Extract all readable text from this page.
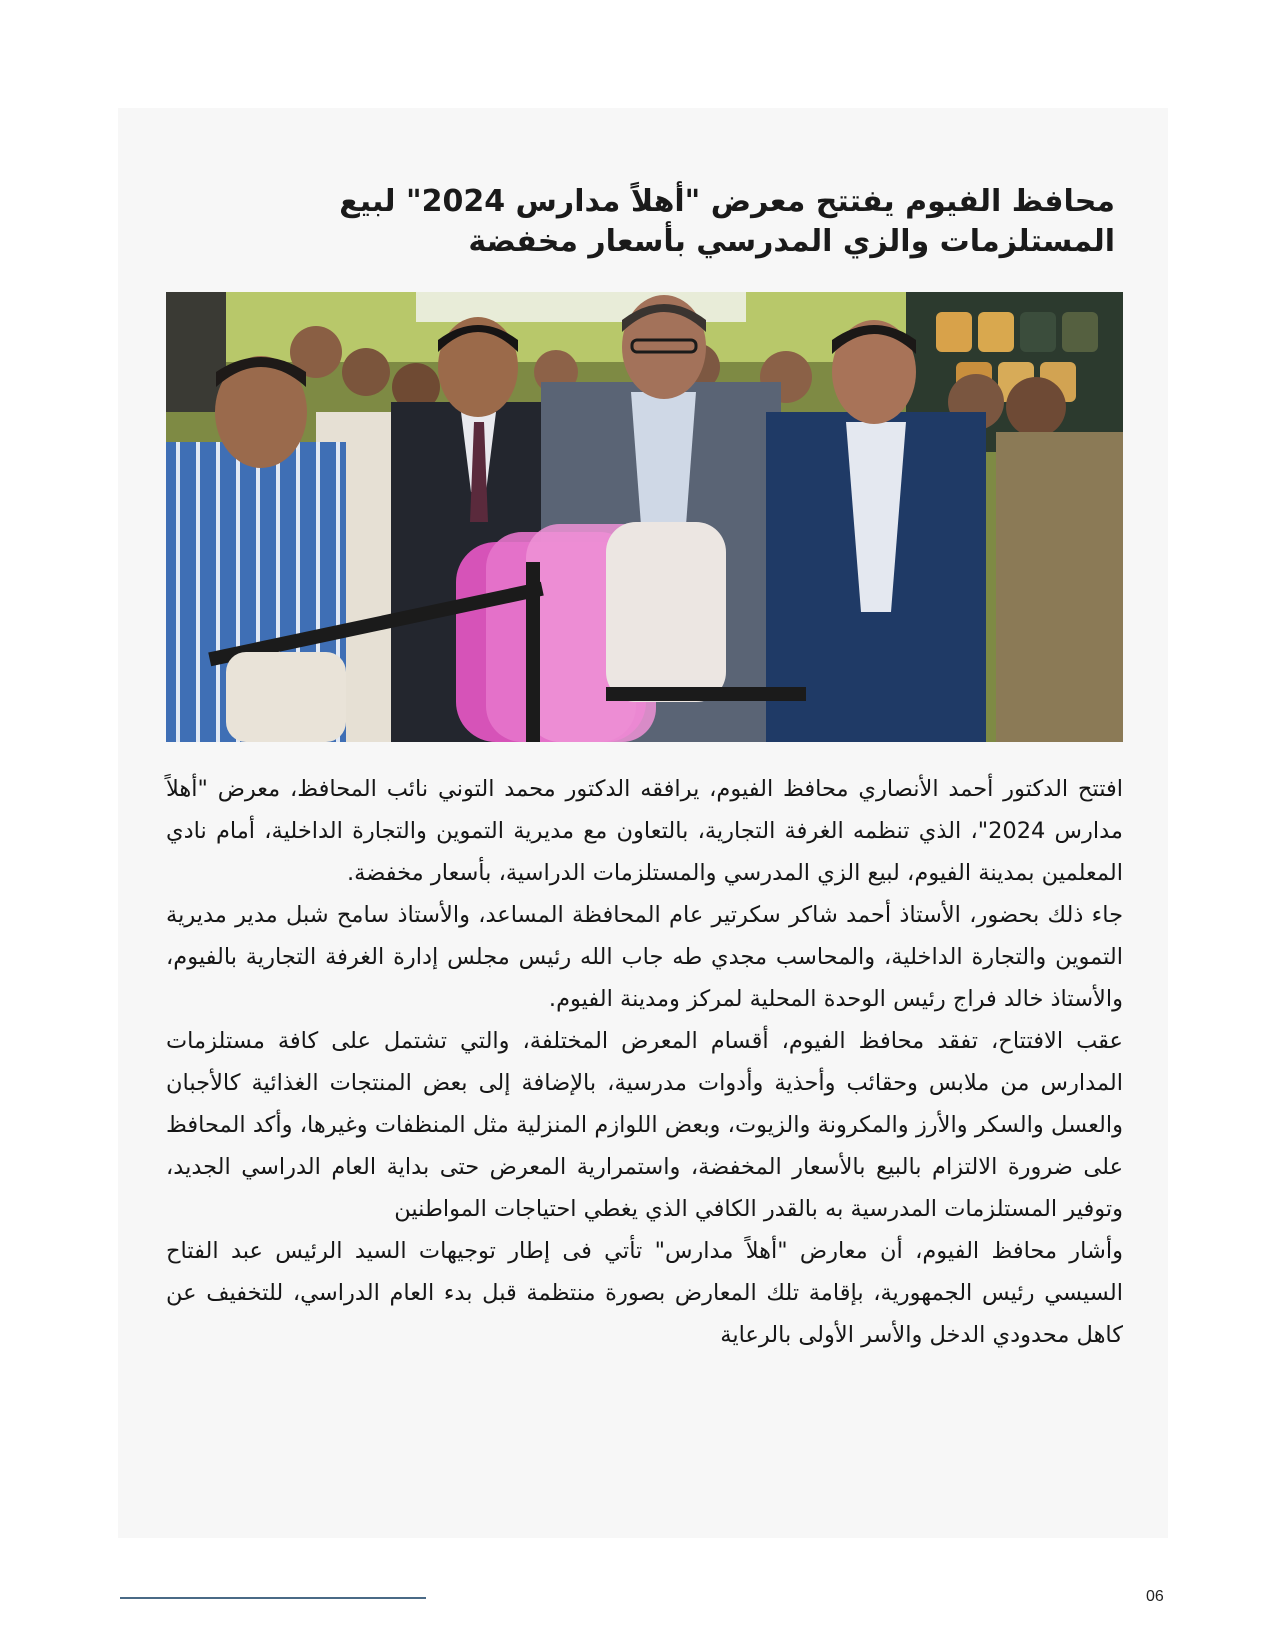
محافظ الفيوم يفتتح معرض "أهلاً مدارس 2024" لبيع المستلزمات والزي المدرسي بأسعار مخفضة

افتتح الدكتور أحمد الأنصاري محافظ الفيوم، يرافقه الدكتور محمد التوني نائب المحافظ، معرض "أهلاً مدارس 2024"، الذي تنظمه الغرفة التجارية، بالتعاون مع مديرية التموين والتجارة الداخلية، أمام نادي المعلمين بمدينة الفيوم، لبيع الزي المدرسي والمستلزمات الدراسية، بأسعار مخفضة.

جاء ذلك بحضور، الأستاذ أحمد شاكر سكرتير عام المحافظة المساعد، والأستاذ سامح شبل مدير مديرية التموين والتجارة الداخلية، والمحاسب مجدي طه جاب الله رئيس مجلس إدارة الغرفة التجارية بالفيوم، والأستاذ خالد فراج رئيس الوحدة المحلية لمركز ومدينة الفيوم.

عقب الافتتاح، تفقد محافظ الفيوم، أقسام المعرض المختلفة، والتي تشتمل على كافة مستلزمات المدارس من ملابس وحقائب وأحذية وأدوات مدرسية، بالإضافة إلى بعض المنتجات الغذائية كالأجبان والعسل والسكر والأرز والمكرونة والزيوت، وبعض اللوازم المنزلية مثل المنظفات وغيرها، وأكد المحافظ على ضرورة الالتزام بالبيع بالأسعار المخفضة، واستمرارية المعرض حتى بداية العام الدراسي الجديد، وتوفير المستلزمات المدرسية به بالقدر الكافي الذي يغطي احتياجات المواطنين

وأشار محافظ الفيوم، أن معارض "أهلاً مدارس" تأتي فى إطار توجيهات السيد الرئيس عبد الفتاح السيسي رئيس الجمهورية، بإقامة تلك المعارض بصورة منتظمة قبل بدء العام الدراسي، للتخفيف عن كاهل محدودي الدخل والأسر الأولى بالرعاية

06
